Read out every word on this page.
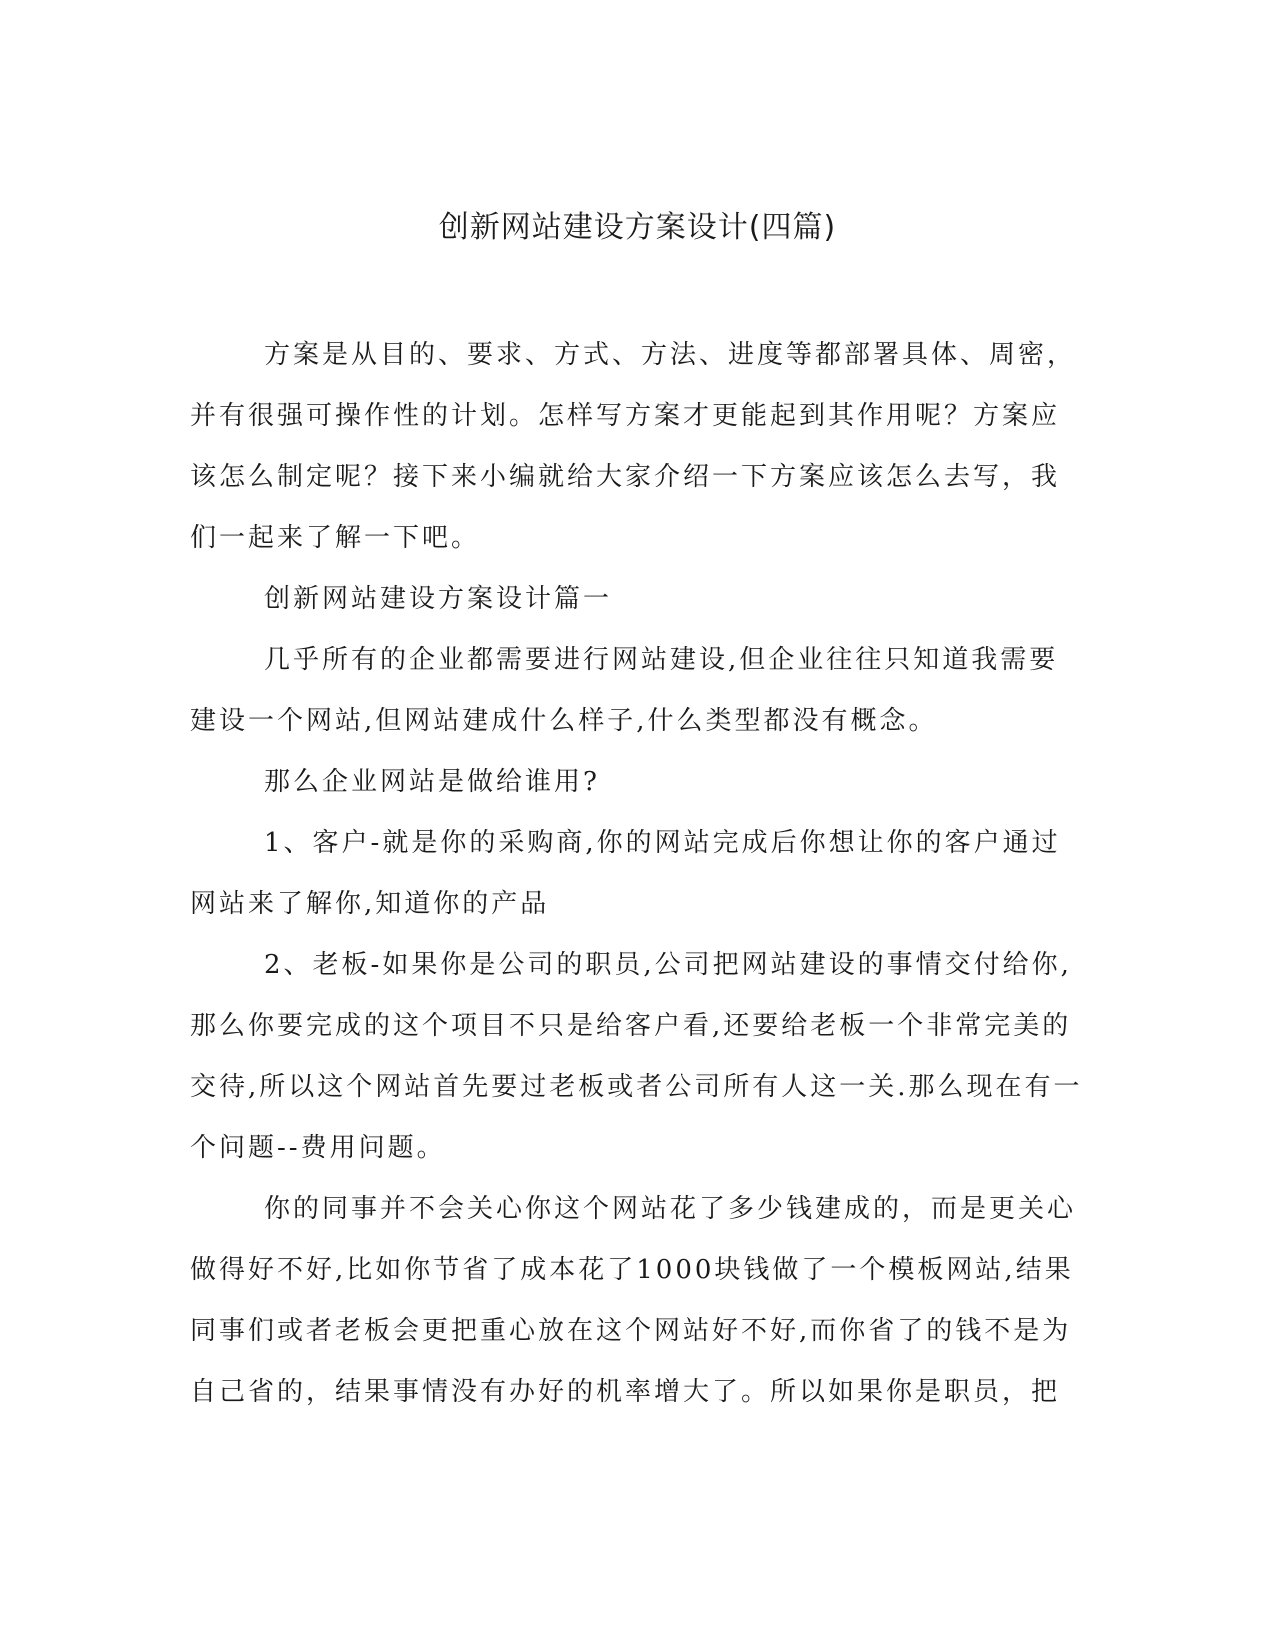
创新网站建设方案设计(四篇)

方案是从目的、要求、方式、方法、进度等都部署具体、周密，并有很强可操作性的计划。怎样写方案才更能起到其作用呢？方案应该怎么制定呢？接下来小编就给大家介绍一下方案应该怎么去写，我们一起来了解一下吧。

创新网站建设方案设计篇一

几乎所有的企业都需要进行网站建设,但企业往往只知道我需要建设一个网站,但网站建成什么样子,什么类型都没有概念。

那么企业网站是做给谁用?

1、客户-就是你的采购商,你的网站完成后你想让你的客户通过网站来了解你,知道你的产品

2、老板-如果你是公司的职员,公司把网站建设的事情交付给你,那么你要完成的这个项目不只是给客户看,还要给老板一个非常完美的交待,所以这个网站首先要过老板或者公司所有人这一关.那么现在有一个问题--费用问题。

你的同事并不会关心你这个网站花了多少钱建成的，而是更关心做得好不好,比如你节省了成本花了1000块钱做了一个模板网站,结果同事们或者老板会更把重心放在这个网站好不好,而你省了的钱不是为自己省的，结果事情没有办好的机率增大了。所以如果你是职员，把
